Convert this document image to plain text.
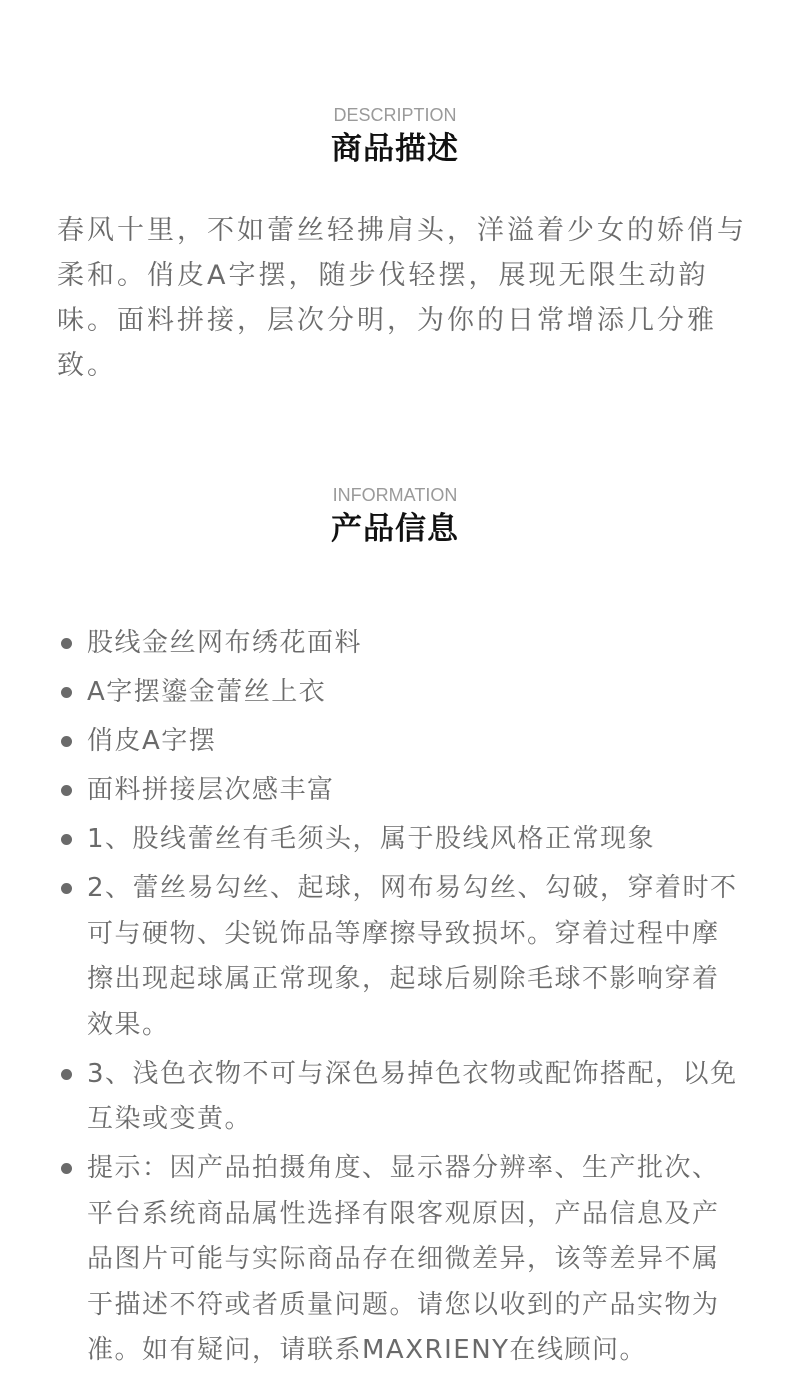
DESCRIPTION
商品描述

春风十里，不如蕾丝轻拂肩头，洋溢着少女的娇俏与柔和。俏皮A字摆，随步伐轻摆，展现无限生动韵味。面料拼接，层次分明，为你的日常增添几分雅致。

INFORMATION
产品信息
股线金丝网布绣花面料
A字摆鎏金蕾丝上衣
俏皮A字摆
面料拼接层次感丰富
1、股线蕾丝有毛须头，属于股线风格正常现象
2、蕾丝易勾丝、起球，网布易勾丝、勾破，穿着时不可与硬物、尖锐饰品等摩擦导致损坏。穿着过程中摩擦出现起球属正常现象，起球后剔除毛球不影响穿着效果。
3、浅色衣物不可与深色易掉色衣物或配饰搭配，以免互染或变黄。
提示：因产品拍摄角度、显示器分辨率、生产批次、平台系统商品属性选择有限客观原因，产品信息及产品图片可能与实际商品存在细微差异，该等差异不属于描述不符或者质量问题。请您以收到的产品实物为准。如有疑问，请联系MAXRIENY在线顾问。
